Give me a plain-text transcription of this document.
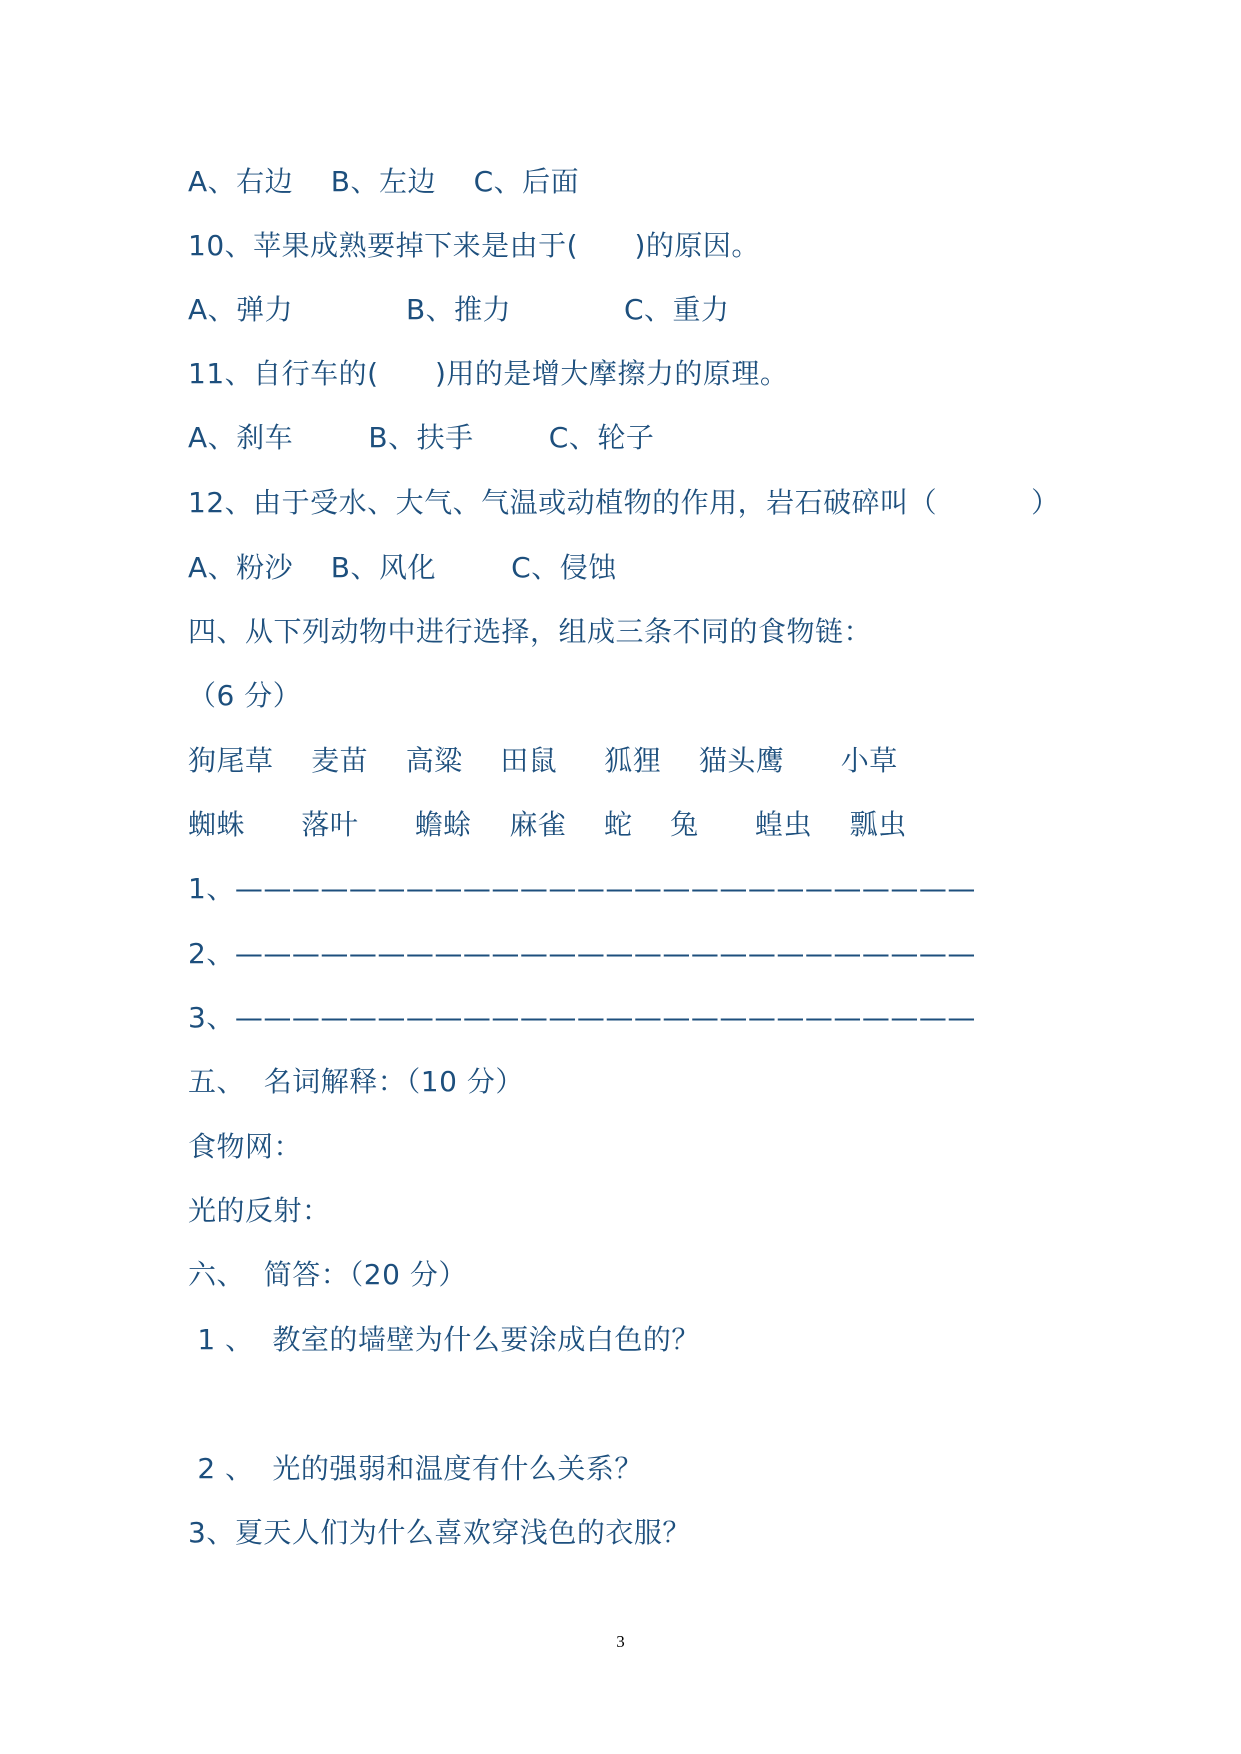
A、右边    B、左边    C、后面
10、苹果成熟要掉下来是由于(      )的原因。
A、弹力            B、推力            C、重力
11、自行车的(      )用的是增大摩擦力的原理。
A、刹车        B、扶手        C、轮子
12、由于受水、大气、气温或动植物的作用，岩石破碎叫（          ）
A、粉沙    B、风化        C、侵蚀
四、从下列动物中进行选择，组成三条不同的食物链：
（6 分）
狗尾草    麦苗    高粱    田鼠     狐狸    猫头鹰      小草
蜘蛛      落叶      蟾蜍    麻雀    蛇    兔      蝗虫    瓢虫
1、——————————————————————————
2、——————————————————————————
3、——————————————————————————
五、  名词解释：（10 分）
食物网：
光的反射：
六、  简答：（20 分）
1 、  教室的墙壁为什么要涂成白色的？
2 、  光的强弱和温度有什么关系？
3、夏天人们为什么喜欢穿浅色的衣服？
3
